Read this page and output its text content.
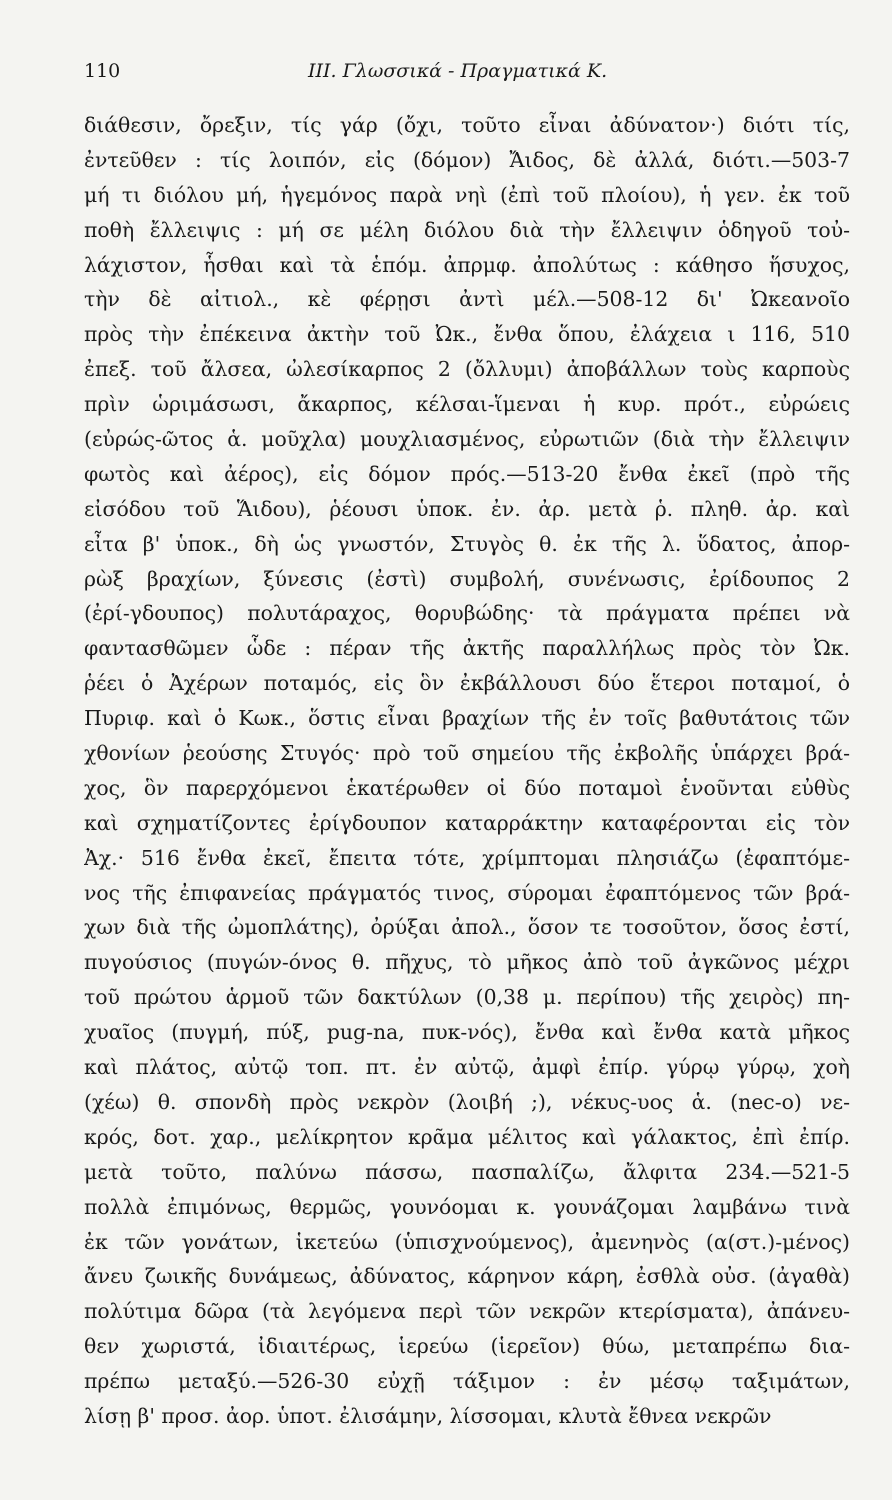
110	III. Γλωσσικά - Πραγματικά Κ.
διάθεσιν, ὄρεξιν, τίς γάρ (ὄχι, τοῦτο εἶναι ἀδύνατον·) διότι τίς,
ἐντεῦθεν : τίς λοιπόν, εἰς (δόμον) Ἄιδος, δὲ ἀλλά, διότι.—503-7
μή τι διόλου μή, ἡγεμόνος παρὰ νηὶ (ἐπὶ τοῦ πλοίου), ἡ γεν. ἐκ τοῦ
ποθὴ ἔλλειψις : μή σε μέλη διόλου διὰ τὴν ἔλλειψιν ὁδηγοῦ τοὐ-
λάχιστον, ἧσθαι καὶ τὰ ἑπόμ. ἀπρμφ. ἀπολύτως : κάθησο ἥσυχος,
τὴν δὲ αἰτιολ., κὲ φέρῃσι ἀντὶ μέλ.—508-12 δι' Ὠκεανοῖο
πρὸς τὴν ἐπέκεινα ἀκτὴν τοῦ Ὠκ., ἔνθα ὅπου, ἐλάχεια ι 116, 510
ἐπεξ. τοῦ ἄλσεα, ὠλεσίκαρπος 2 (ὄλλυμι) ἀποβάλλων τοὺς καρποὺς
πρὶν ὡριμάσωσι, ἄκαρπος, κέλσαι-ἵμεναι ἡ κυρ. πρότ., εὐρώεις
(εὐρώς-ῶτος ἁ. μοῦχλα) μουχλιασμένος, εὐρωτιῶν (διὰ τὴν ἔλλειψιν
φωτὸς καὶ ἀέρος), εἰς δόμον πρός.—513-20 ἔνθα ἐκεῖ (πρὸ τῆς
εἰσόδου τοῦ Ἅιδου), ῥέουσι ὑποκ. ἐν. ἀρ. μετὰ ῥ. πληθ. ἀρ. καὶ
εἶτα β' ὑποκ., δὴ ὡς γνωστόν, Στυγὸς θ. ἐκ τῆς λ. ὕδατος, ἀπορ-
ρὼξ βραχίων, ξύνεσις (ἐστὶ) συμβολή, συνένωσις, ἐρίδουπος 2
(ἐρί-γδουπος) πολυτάραχος, θορυβώδης· τὰ πράγματα πρέπει νὰ
φαντασθῶμεν ὧδε : πέραν τῆς ἀκτῆς παραλλήλως πρὸς τὸν Ὠκ.
ῥέει ὁ Ἀχέρων ποταμός, εἰς ὃν ἐκβάλλουσι δύο ἕτεροι ποταμοί, ὁ
Πυριφ. καὶ ὁ Κωκ., ὅστις εἶναι βραχίων τῆς ἐν τοῖς βαθυτάτοις τῶν
χθονίων ῥεούσης Στυγός· πρὸ τοῦ σημείου τῆς ἐκβολῆς ὑπάρχει βρά-
χος, ὃν παρερχόμενοι ἑκατέρωθεν οἱ δύο ποταμοὶ ἑνοῦνται εὐθὺς
καὶ σχηματίζοντες ἐρίγδουπον καταρράκτην καταφέρονται εἰς τὸν
Ἀχ.· 516 ἔνθα ἐκεῖ, ἔπειτα τότε, χρίμπτομαι πλησιάζω (ἐφαπτόμε-
νος τῆς ἐπιφανείας πράγματός τινος, σύρομαι ἐφαπτόμενος τῶν βρά-
χων διὰ τῆς ὠμοπλάτης), ὀρύξαι ἀπολ., ὅσον τε τοσοῦτον, ὅσος ἐστί,
πυγούσιος (πυγών-όνος θ. πῆχυς, τὸ μῆκος ἀπὸ τοῦ ἀγκῶνος μέχρι
τοῦ πρώτου ἁρμοῦ τῶν δακτύλων (0,38 μ. περίπου) τῆς χειρὸς) πη-
χυαῖος (πυγμή, πύξ, pug-na, πυκ-νός), ἔνθα καὶ ἔνθα κατὰ μῆκος
καὶ πλάτος, αὐτῷ τοπ. πτ. ἐν αὐτῷ, ἀμφὶ ἐπίρ. γύρῳ γύρῳ, χοὴ
(χέω) θ. σπονδὴ πρὸς νεκρὸν (λοιβή ;), νέκυς-υος ἁ. (nec-o) νε-
κρός, δοτ. χαρ., μελίκρητον κρᾶμα μέλιτος καὶ γάλακτος, ἐπὶ ἐπίρ.
μετὰ τοῦτο, παλύνω πάσσω, πασπαλίζω, ἄλφιτα 234.—521-5
πολλὰ ἐπιμόνως, θερμῶς, γουνόομαι κ. γουνάζομαι λαμβάνω τινὰ
ἐκ τῶν γονάτων, ἱκετεύω (ὑπισχνούμενος), ἀμενηνὸς (α(στ.)-μένος)
ἄνευ ζωικῆς δυνάμεως, ἀδύνατος, κάρηνον κάρη, ἐσθλὰ οὐσ. (ἀγαθὰ)
πολύτιμα δῶρα (τὰ λεγόμενα περὶ τῶν νεκρῶν κτερίσματα), ἀπάνευ-
θεν χωριστά, ἰδιαιτέρως, ἱερεύω (ἱερεῖον) θύω, μεταπρέπω δια-
πρέπω μεταξύ.—526-30 εὐχῇ τάξιμον : ἐν μέσῳ ταξιμάτων,
λίσῃ β' προσ. ἀορ. ὑποτ. ἐλισάμην, λίσσομαι, κλυτὰ ἔθνεα νεκρῶν
